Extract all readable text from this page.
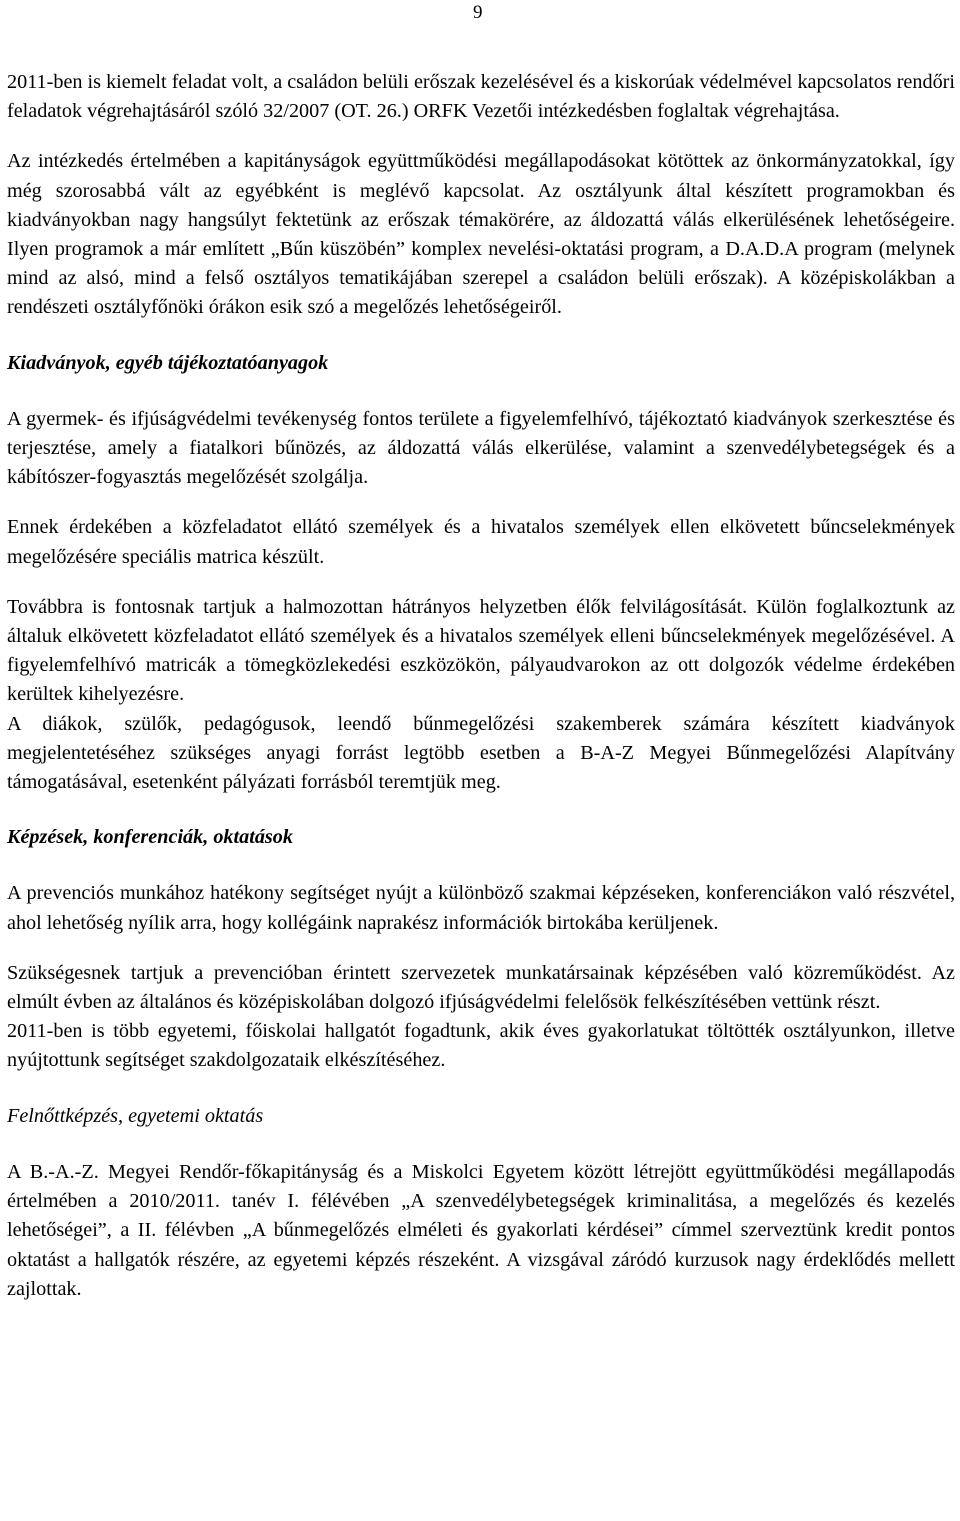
9

2011-ben is kiemelt feladat volt, a családon belüli erőszak kezelésével és a kiskorúak védelmével kapcsolatos rendőri feladatok végrehajtásáról szóló 32/2007 (OT. 26.) ORFK Vezetői intézkedésben foglaltak végrehajtása.

Az intézkedés értelmében a kapitányságok együttműködési megállapodásokat kötöttek az önkormányzatokkal, így még szorosabbá vált az egyébként is meglévő kapcsolat. Az osztályunk által készített programokban és kiadványokban nagy hangsúlyt fektetünk az erőszak témakörére, az áldozattá válás elkerülésének lehetőségeire. Ilyen programok a már említett „Bűn küszöbén” komplex nevelési-oktatási program, a D.A.D.A program (melynek mind az alsó, mind a felső osztályos tematikájában szerepel a családon belüli erőszak). A középiskolákban a rendészeti osztályfőnöki órákon esik szó a megelőzés lehetőségeiről.

Kiadványok, egyéb tájékoztatóanyagok

A gyermek- és ifjúságvédelmi tevékenység fontos területe a figyelemfelhívó, tájékoztató kiadványok szerkesztése és terjesztése, amely a fiatalkori bűnözés, az áldozattá válás elkerülése, valamint a szenvedélybetegségek és a kábítószer-fogyasztás megelőzését szolgálja.

Ennek érdekében a közfeladatot ellátó személyek és a hivatalos személyek ellen elkövetett bűncselekmények megelőzésére speciális matrica készült.

Továbbra is fontosnak tartjuk a halmozottan hátrányos helyzetben élők felvilágosítását. Külön foglalkoztunk az általuk elkövetett közfeladatot ellátó személyek és a hivatalos személyek elleni bűncselekmények megelőzésével. A figyelemfelhívó matricák a tömegközlekedési eszközökön, pályaudvarokon az ott dolgozók védelme érdekében kerültek kihelyezésre.

A diákok, szülők, pedagógusok, leendő bűnmegelőzési szakemberek számára készített kiadványok megjelentetéséhez szükséges anyagi forrást legtöbb esetben a B-A-Z Megyei Bűnmegelőzési Alapítvány támogatásával, esetenként pályázati forrásból teremtjük meg.

Képzések, konferenciák, oktatások

A prevenciós munkához hatékony segítséget nyújt a különböző szakmai képzéseken, konferenciákon való részvétel, ahol lehetőség nyílik arra, hogy kollégáink naprakész információk birtokába kerüljenek.

Szükségesnek tartjuk a prevencióban érintett szervezetek munkatársainak képzésében való közreműködést. Az elmúlt évben az általános és középiskolában dolgozó ifjúságvédelmi felelősök felkészítésében vettünk részt.

2011-ben is több egyetemi, főiskolai hallgatót fogadtunk, akik éves gyakorlatukat töltötték osztályunkon, illetve nyújtottunk segítséget szakdolgozataik elkészítéséhez.

Felnőttképzés, egyetemi oktatás

A B.-A.-Z. Megyei Rendőr-főkapitányság és a Miskolci Egyetem között létrejött együttműködési megállapodás értelmében a 2010/2011. tanév I. félévében „A szenvedélybetegségek kriminalitása, a megelőzés és kezelés lehetőségei”, a II. félévben „A bűnmegelőzés elméleti és gyakorlati kérdései” címmel szerveztünk kredit pontos oktatást a hallgatók részére, az egyetemi képzés részeként. A vizsgával záródó kurzusok nagy érdeklődés mellett zajlottak.
